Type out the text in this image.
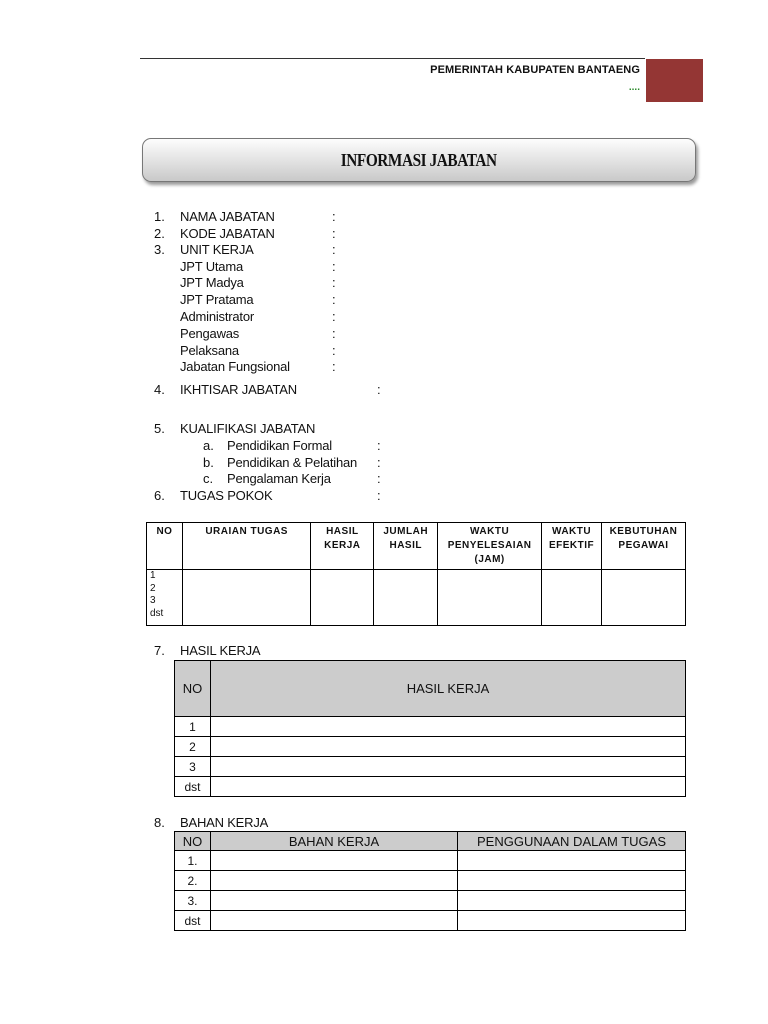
PEMERINTAH KABUPATEN BANTAENG
....
INFORMASI JABATAN
1. NAMA JABATAN	:
2. KODE JABATAN	:
3. UNIT KERJA	:
JPT Utama	:
JPT Madya	:
JPT Pratama	:
Administrator	:
Pengawas	:
Pelaksana	:
Jabatan Fungsional	:
4. IKHTISAR JABATAN	:
5. KUALIFIKASI JABATAN
a. Pendidikan Formal	:
b. Pendidikan & Pelatihan :
c. Pengalaman Kerja	:
6. TUGAS POKOK	:
NO	URAIAN TUGAS	HASIL KERJA	JUMLAH HASIL	WAKTU PENYELESAIAN (JAM)	WAKTU EFEKTIF	KEBUTUHAN PEGAWAI

1
2
3
dst						

7. HASIL KERJA
NO	HASIL KERJA
1	
2	
3	
dst	
8. BAHAN KERJA
NO	BAHAN KERJA	PENGGUNAAN DALAM TUGAS
1.		
2.		
3.		
dst		
